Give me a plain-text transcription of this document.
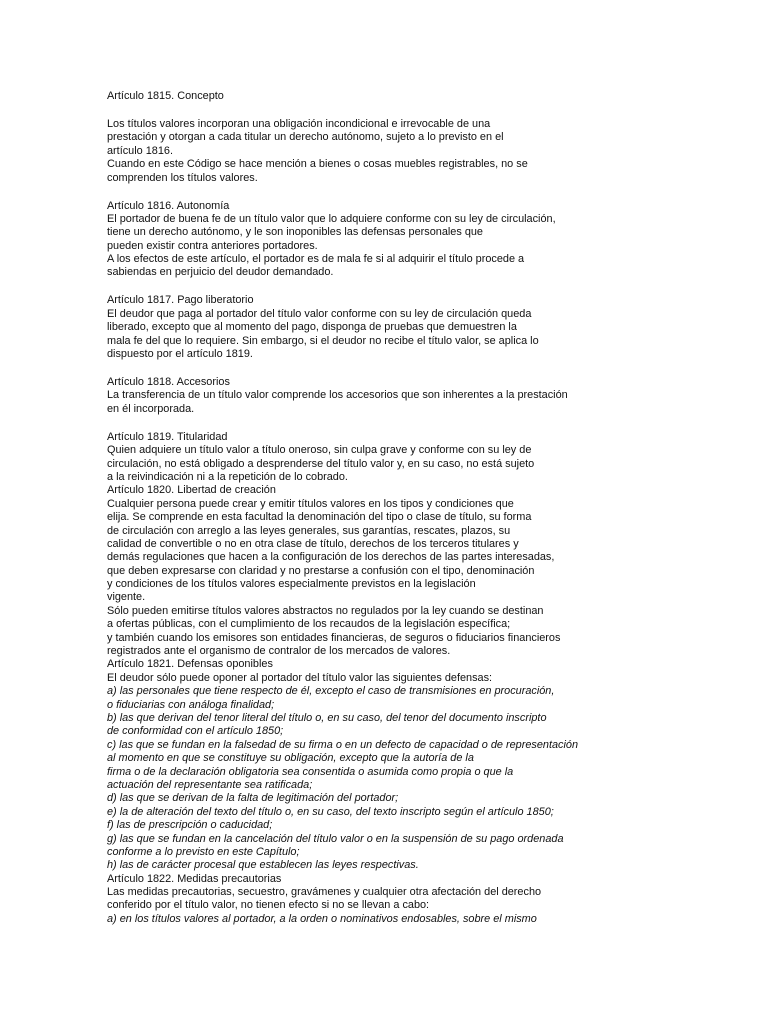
Artículo 1815. Concepto
Los títulos valores incorporan una obligación incondicional e irrevocable de una
prestación y otorgan a cada titular un derecho autónomo, sujeto a lo previsto en el
artículo 1816.
Cuando en este Código se hace mención a bienes o cosas muebles registrables, no se
comprenden los títulos valores.
Artículo 1816. Autonomía
El portador de buena fe de un título valor que lo adquiere conforme con su ley de circulación,
tiene un derecho autónomo, y le son inoponibles las defensas personales que
pueden existir contra anteriores portadores.
A los efectos de este artículo, el portador es de mala fe si al adquirir el título procede a
sabiendas en perjuicio del deudor demandado.
Artículo 1817. Pago liberatorio
El deudor que paga al portador del título valor conforme con su ley de circulación queda
liberado, excepto que al momento del pago, disponga de pruebas que demuestren la
mala fe del que lo requiere. Sin embargo, si el deudor no recibe el título valor, se aplica lo
dispuesto por el artículo 1819.
Artículo 1818. Accesorios
La transferencia de un título valor comprende los accesorios que son inherentes a la prestación
en él incorporada.
Artículo 1819. Titularidad
Quien adquiere un título valor a título oneroso, sin culpa grave y conforme con su ley de
circulación, no está obligado a desprenderse del título valor y, en su caso, no está sujeto
a la reivindicación ni a la repetición de lo cobrado.
Artículo 1820. Libertad de creación
Cualquier persona puede crear y emitir títulos valores en los tipos y condiciones que
elija. Se comprende en esta facultad la denominación del tipo o clase de título, su forma
de circulación con arreglo a las leyes generales, sus garantías, rescates, plazos, su
calidad de convertible o no en otra clase de título, derechos de los terceros titulares y
demás regulaciones que hacen a la configuración de los derechos de las partes interesadas,
que deben expresarse con claridad y no prestarse a confusión con el tipo, denominación
y condiciones de los títulos valores especialmente previstos en la legislación
vigente.
Sólo pueden emitirse títulos valores abstractos no regulados por la ley cuando se destinan
a ofertas públicas, con el cumplimiento de los recaudos de la legislación específica;
y también cuando los emisores son entidades financieras, de seguros o fiduciarios financieros
registrados ante el organismo de contralor de los mercados de valores.
Artículo 1821. Defensas oponibles
El deudor sólo puede oponer al portador del título valor las siguientes defensas:
a) las personales que tiene respecto de él, excepto el caso de transmisiones en procuración,
o fiduciarias con análoga finalidad;
b) las que derivan del tenor literal del título o, en su caso, del tenor del documento inscripto
de conformidad con el artículo 1850;
c) las que se fundan en la falsedad de su firma o en un defecto de capacidad o de representación
al momento en que se constituye su obligación, excepto que la autoría de la
firma o de la declaración obligatoria sea consentida o asumida como propia o que la
actuación del representante sea ratificada;
d) las que se derivan de la falta de legitimación del portador;
e) la de alteración del texto del título o, en su caso, del texto inscripto según el artículo 1850;
f) las de prescripción o caducidad;
g) las que se fundan en la cancelación del título valor o en la suspensión de su pago ordenada
conforme a lo previsto en este Capítulo;
h) las de carácter procesal que establecen las leyes respectivas.
Artículo 1822. Medidas precautorias
Las medidas precautorias, secuestro, gravámenes y cualquier otra afectación del derecho
conferido por el título valor, no tienen efecto si no se llevan a cabo:
a) en los títulos valores al portador, a la orden o nominativos endosables, sobre el mismo
